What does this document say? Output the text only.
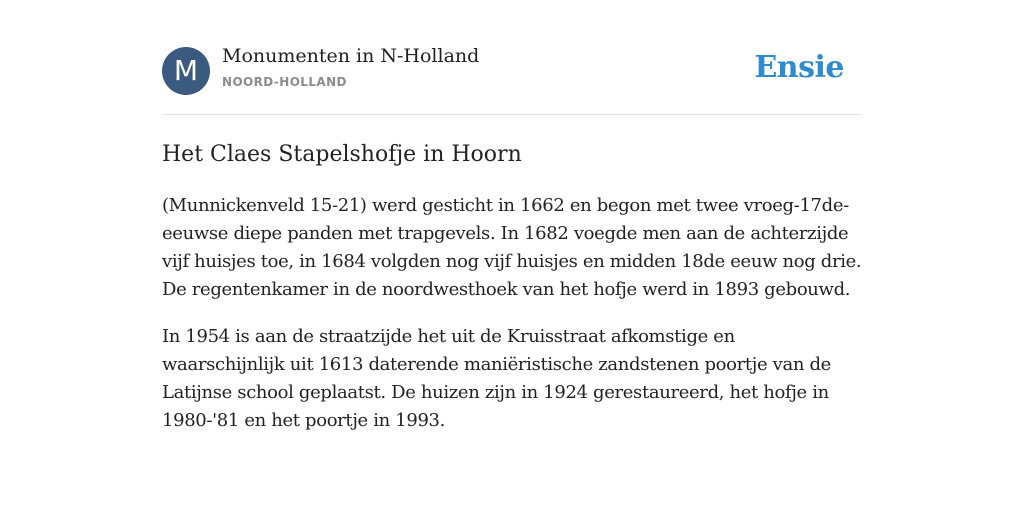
M	Monumenten in N-Holland
NOORD-HOLLAND	Ensie
Het Claes Stapelshofje in Hoorn

(Munnickenveld 15-21) werd gesticht in 1662 en begon met twee vroeg-17de-eeuwse diepe panden met trapgevels. In 1682 voegde men aan de achterzijde vijf huisjes toe, in 1684 volgden nog vijf huisjes en midden 18de eeuw nog drie. De regentenkamer in de noordwesthoek van het hofje werd in 1893 gebouwd.

In 1954 is aan de straatzijde het uit de Kruisstraat afkomstige en waarschijnlijk uit 1613 daterende maniëristische zandstenen poortje van de Latijnse school geplaatst. De huizen zijn in 1924 gerestaureerd, het hofje in 1980-'81 en het poortje in 1993.
